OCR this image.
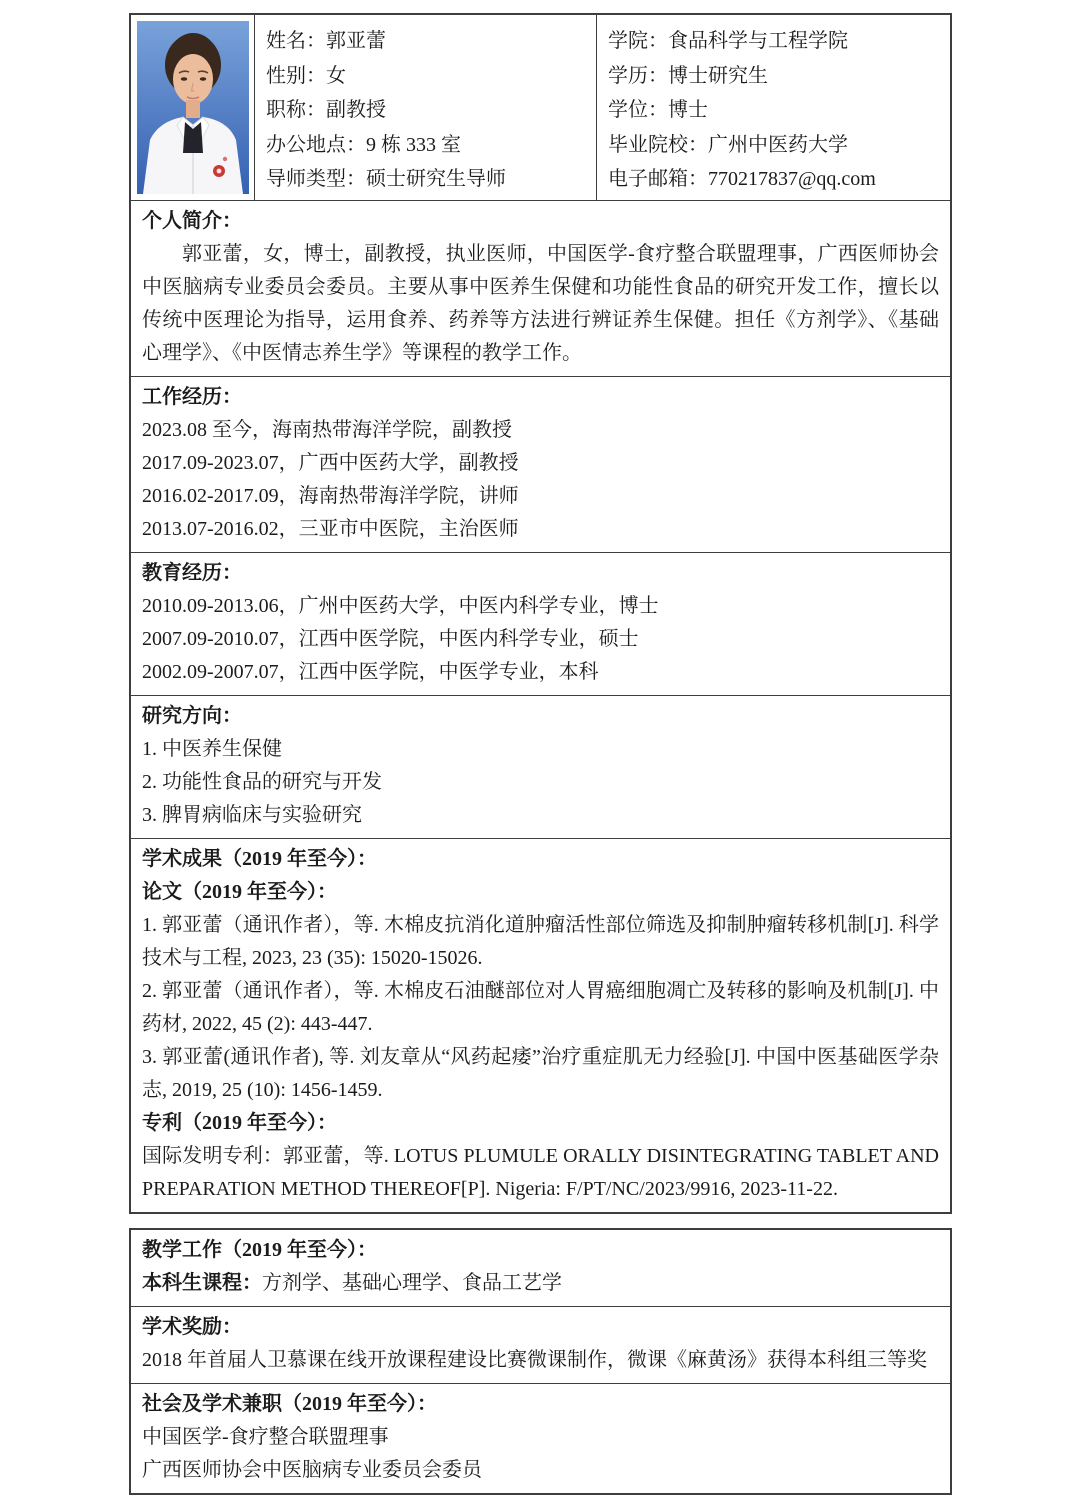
姓名：郭亚蕾
性别：女
职称：副教授
办公地点：9 栋 333 室
导师类型：硕士研究生导师
学院：食品科学与工程学院
学历：博士研究生
学位：博士
毕业院校：广州中医药大学
电子邮箱：770217837@qq.com
个人简介：
郭亚蕾，女，博士，副教授，执业医师，中国医学-食疗整合联盟理事，广西医师协会中医脑病专业委员会委员。主要从事中医养生保健和功能性食品的研究开发工作，擅长以传统中医理论为指导，运用食养、药养等方法进行辨证养生保健。担任《方剂学》、《基础心理学》、《中医情志养生学》等课程的教学工作。
工作经历：
2023.08 至今，海南热带海洋学院，副教授
2017.09-2023.07，广西中医药大学，副教授
2016.02-2017.09，海南热带海洋学院，讲师
2013.07-2016.02，三亚市中医院，主治医师
教育经历：
2010.09-2013.06，广州中医药大学，中医内科学专业，博士
2007.09-2010.07，江西中医学院，中医内科学专业，硕士
2002.09-2007.07，江西中医学院，中医学专业，本科
研究方向：
1. 中医养生保健
2. 功能性食品的研究与开发
3. 脾胃病临床与实验研究
学术成果（2019 年至今）：
论文（2019 年至今）：
1. 郭亚蕾（通讯作者），等. 木棉皮抗消化道肿瘤活性部位筛选及抑制肿瘤转移机制[J]. 科学技术与工程, 2023, 23 (35): 15020-15026.
2. 郭亚蕾（通讯作者），等. 木棉皮石油醚部位对人胃癌细胞凋亡及转移的影响及机制[J]. 中药材, 2022, 45 (2): 443-447.
3. 郭亚蕾(通讯作者), 等. 刘友章从“风药起痿”治疗重症肌无力经验[J]. 中国中医基础医学杂志, 2019, 25 (10): 1456-1459.
专利（2019 年至今）：
国际发明专利：郭亚蕾，等. LOTUS PLUMULE ORALLY DISINTEGRATING TABLET AND PREPARATION METHOD THEREOF[P]. Nigeria: F/PT/NC/2023/9916, 2023-11-22.
教学工作（2019 年至今）：
本科生课程：方剂学、基础心理学、食品工艺学
学术奖励：
2018 年首届人卫慕课在线开放课程建设比赛微课制作，微课《麻黄汤》获得本科组三等奖
社会及学术兼职（2019 年至今）：
中国医学-食疗整合联盟理事
广西医师协会中医脑病专业委员会委员
